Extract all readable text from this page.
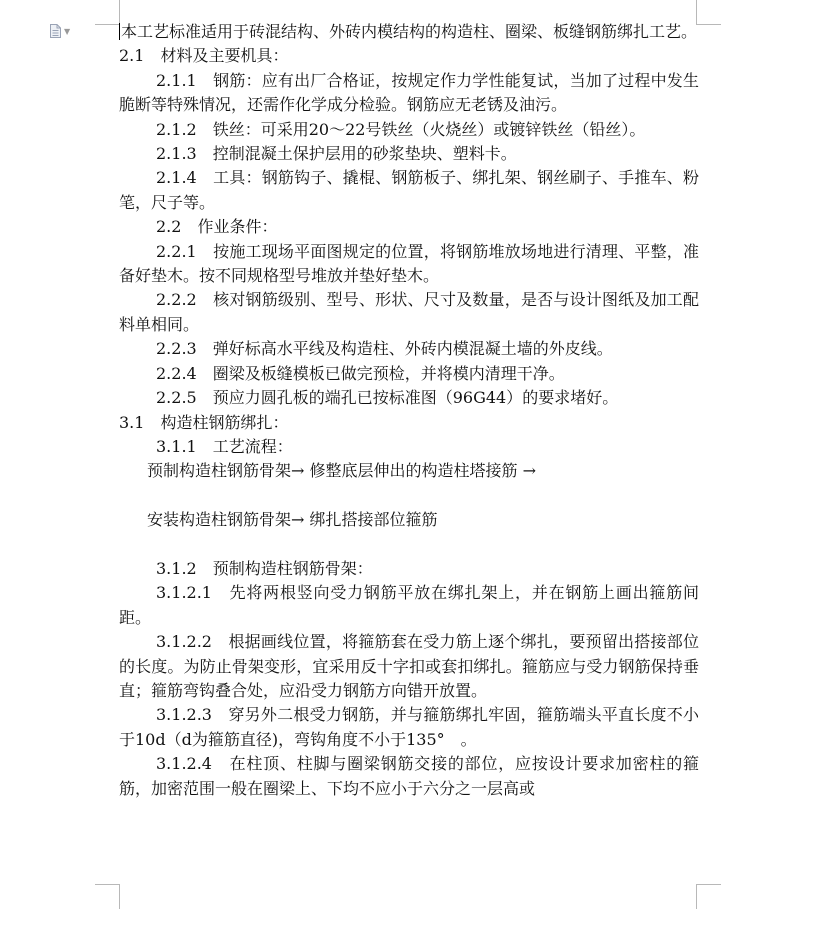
▼	本工艺标准适用于砖混结构、外砖内模结构的构造柱、圈梁、板缝钢筋绑扎工艺。

2.1　材料及主要机具：

2.1.1　钢筋：应有出厂合格证，按规定作力学性能复试，当加了过程中发生脆断等特殊情况，还需作化学成分检验。钢筋应无老锈及油污。

2.1.2　铁丝：可采用20～22号铁丝（火烧丝）或镀锌铁丝（铅丝）。

2.1.3　控制混凝土保护层用的砂浆垫块、塑料卡。

2.1.4　工具：钢筋钩子、撬棍、钢筋板子、绑扎架、钢丝刷子、手推车、粉笔，尺子等。

2.2　作业条件：

2.2.1　按施工现场平面图规定的位置，将钢筋堆放场地进行清理、平整，准备好垫木。按不同规格型号堆放并垫好垫木。

2.2.2　核对钢筋级别、型号、形状、尺寸及数量，是否与设计图纸及加工配料单相同。

2.2.3　弹好标高水平线及构造柱、外砖内模混凝土墙的外皮线。

2.2.4　圈梁及板缝模板已做完预检，并将模内清理干净。

2.2.5　预应力圆孔板的端孔已按标准图（96G44）的要求堵好。

3.1　构造柱钢筋绑扎：

3.1.1　工艺流程：

预制构造柱钢筋骨架→ 修整底层伸出的构造柱塔接筋 →

安装构造柱钢筋骨架→ 绑扎搭接部位箍筋

3.1.2　预制构造柱钢筋骨架：

3.1.2.1　先将两根竖向受力钢筋平放在绑扎架上，并在钢筋上画出箍筋间距。

3.1.2.2　根据画线位置，将箍筋套在受力筋上逐个绑扎，要预留出搭接部位的长度。为防止骨架变形，宜采用反十字扣或套扣绑扎。箍筋应与受力钢筋保持垂直；箍筋弯钩叠合处，应沿受力钢筋方向错开放置。

3.1.2.3　穿另外二根受力钢筋，并与箍筋绑扎牢固，箍筋端头平直长度不小于10d（d为箍筋直径)，弯钩角度不小于135°　。

3.1.2.4　在柱顶、柱脚与圈梁钢筋交接的部位，应按设计要求加密柱的箍筋，加密范围一般在圈梁上、下均不应小于六分之一层高或
